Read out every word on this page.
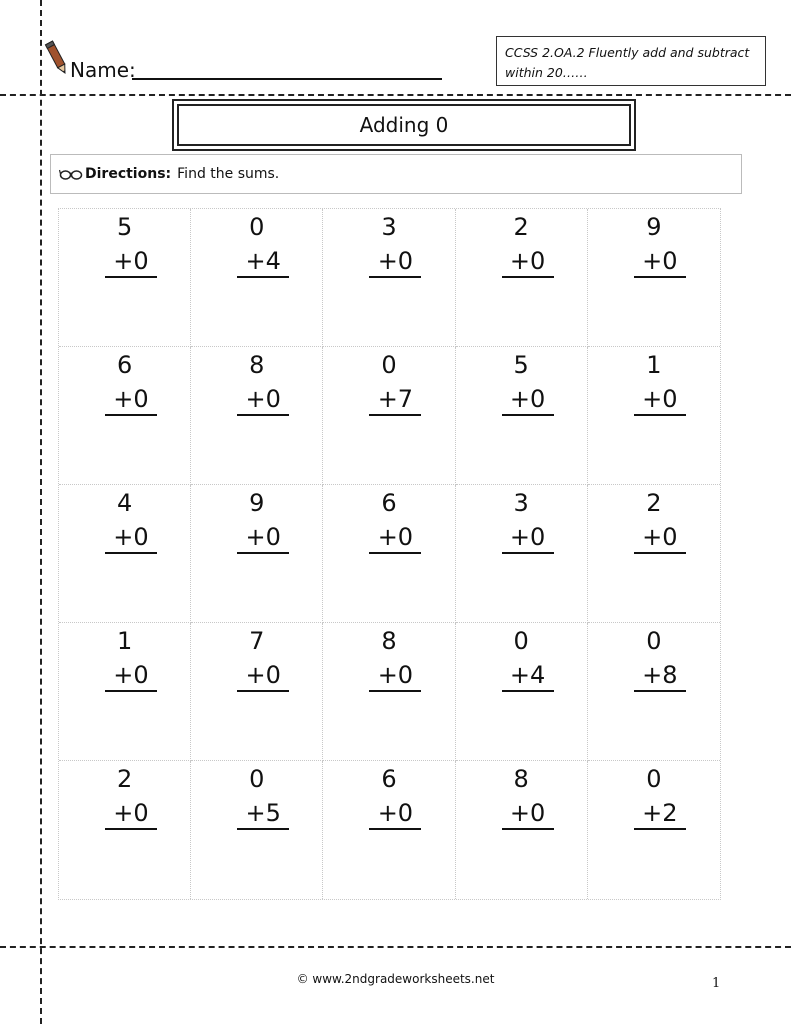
Name:
CCSS 2.OA.2 Fluently add and subtract within 20……
Adding 0
Directions: Find the sums.
5
+0
0
+4
3
+0
2
+0
9
+0
6
+0
8
+0
0
+7
5
+0
1
+0
4
+0
9
+0
6
+0
3
+0
2
+0
1
+0
7
+0
8
+0
0
+4
0
+8
2
+0
0
+5
6
+0
8
+0
0
+2
© www.2ndgradeworksheets.net	1
